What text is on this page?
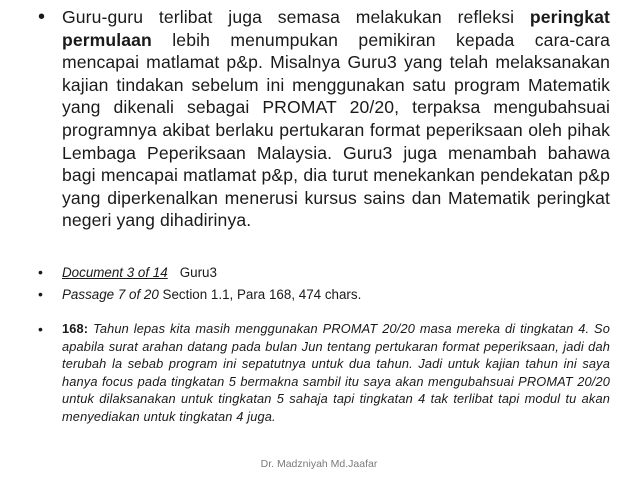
• Guru-guru terlibat juga semasa melakukan refleksi peringkat permulaan lebih menumpukan pemikiran kepada cara-cara mencapai matlamat p&p. Misalnya Guru3 yang telah melaksanakan kajian tindakan sebelum ini menggunakan satu program Matematik yang dikenali sebagai PROMAT 20/20, terpaksa mengubahsuai programnya akibat berlaku pertukaran format peperiksaan oleh pihak Lembaga Peperiksaan Malaysia. Guru3 juga menambah bahawa bagi mencapai matlamat p&p, dia turut menekankan pendekatan p&p yang diperkenalkan menerusi kursus sains dan Matematik peringkat negeri yang dihadirinya.
• Document 3 of 14 Guru3
• Passage 7 of 20 Section 1.1, Para 168, 474 chars.
• 168: Tahun lepas kita masih menggunakan PROMAT 20/20 masa mereka di tingkatan 4. So apabila surat arahan datang pada bulan Jun tentang pertukaran format peperiksaan, jadi dah terubah la sebab program ini sepatutnya untuk dua tahun. Jadi untuk kajian tahun ini saya hanya focus pada tingkatan 5 bermakna sambil itu saya akan mengubahsuai PROMAT 20/20 untuk dilaksanakan untuk tingkatan 5 sahaja tapi tingkatan 4 tak terlibat tapi modul tu akan menyediakan untuk tingkatan 4 juga.
Dr. Madzniyah Md.Jaafar
